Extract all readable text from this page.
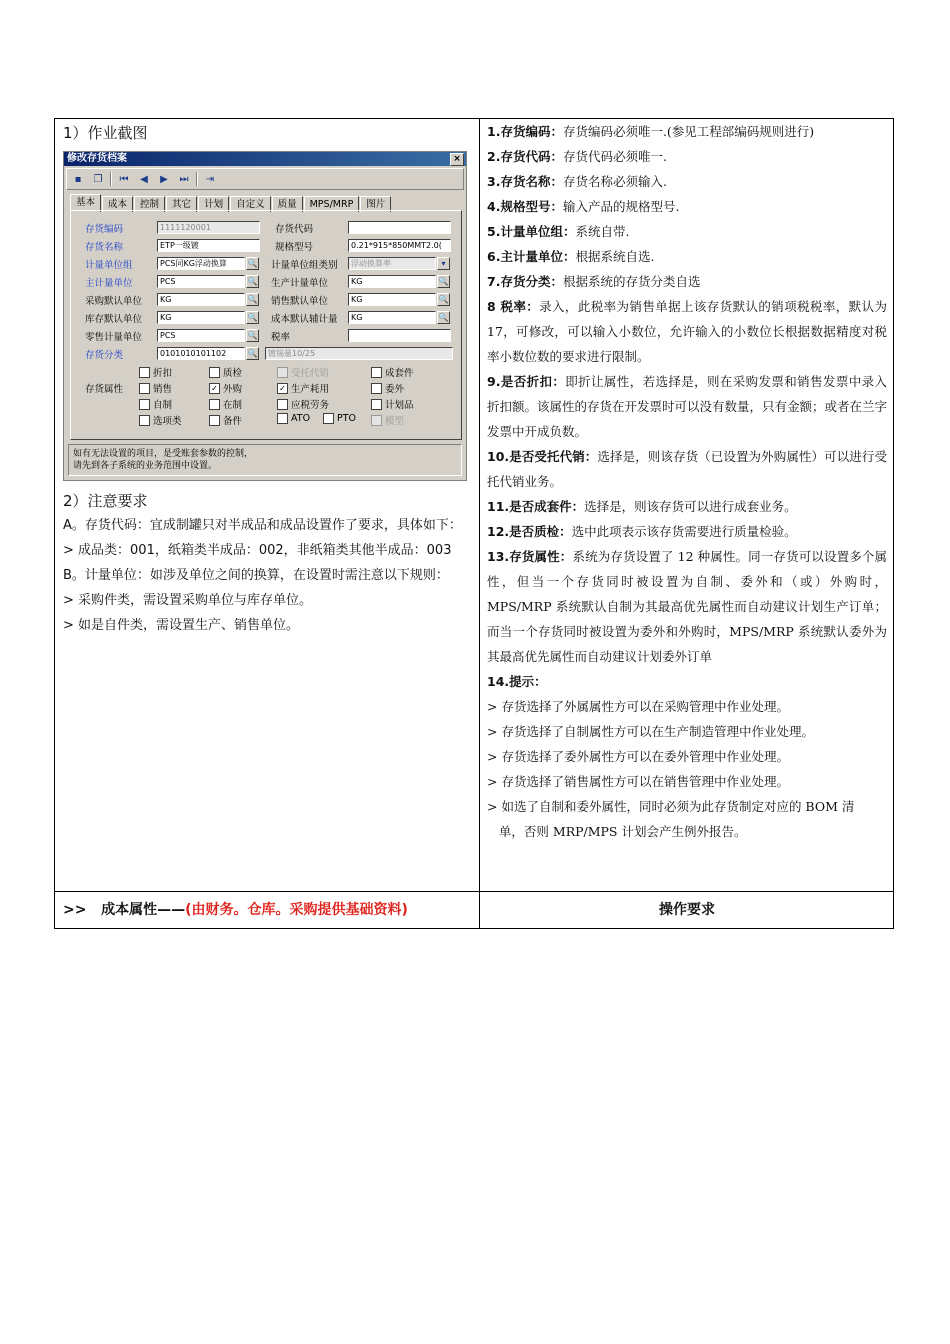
1）作业截图
修改存货档案	×
▪	❐	⏮	◀	▶	⏭	⇥
基本	成本	控制	其它	计划	自定义	质量	MPS/MRP	图片
存货编码
存货名称
计量单位组
主计量单位
采购默认单位
库存默认单位
零售计量单位
存货分类
1111120001
ETP一级镀
PCS同KG浮动换算	🔍
PCS	🔍
KG	🔍
KG	🔍
PCS	🔍
0101010101102	🔍	镀锡量10/25
存货代码
规格型号
计量单位组类别
生产计量单位
销售默认单位
成本默认辅计量
税率
0.21*915*850MMT2.0(
浮动换算率	▾
KG	🔍
KG	🔍
KG	🔍
存货属性
折扣
销售
自制
选项类
质检
✓ 外购
在制
备件
受托代销
✓ 生产耗用
应税劳务
ATO	PTO
成套件
委外
计划品
模型
如有无法设置的项目，是受账套参数的控制，
请先到各子系统的业务范围中设置。
2）注意要求
A。存货代码：宜成制罐只对半成品和成品设置作了要求，具体如下：
> 成品类：001，纸箱类半成品：002，非纸箱类其他半成品：003
B。计量单位：如涉及单位之间的换算，在设置时需注意以下规则：
> 采购件类，需设置采购单位与库存单位。
> 如是自件类，需设置生产、销售单位。
1.存货编码：存货编码必须唯一.(参见工程部编码规则进行)
2.存货代码：存货代码必须唯一.
3.存货名称：存货名称必须输入.
4.规格型号：输入产品的规格型号.
5.计量单位组：系统自带.
6.主计量单位：根据系统自选.
7.存货分类：根据系统的存货分类自选
8 税率：录入，此税率为销售单据上该存货默认的销项税税率，默认为17，可修改，可以输入小数位，允许输入的小数位长根据数据精度对税率小数位数的要求进行限制。
9.是否折扣：即折让属性，若选择是，则在采购发票和销售发票中录入折扣额。该属性的存货在开发票时可以没有数量，只有金额；或者在兰字发票中开成负数。
10.是否受托代销：选择是，则该存货（已设置为外购属性）可以进行受托代销业务。
11.是否成套件：选择是，则该存货可以进行成套业务。
12.是否质检：选中此项表示该存货需要进行质量检验。
13.存货属性：系统为存货设置了 12 种属性。同一存货可以设置多个属性，但当一个存货同时被设置为自制、委外和（或）外购时，MPS/MRP 系统默认自制为其最高优先属性而自动建议计划生产订单；而当一个存货同时被设置为委外和外购时，MPS/MRP 系统默认委外为其最高优先属性而自动建议计划委外订单
14.提示：
> 存货选择了外属属性方可以在采购管理中作业处理。
> 存货选择了自制属性方可以在生产制造管理中作业处理。
> 存货选择了委外属性方可以在委外管理中作业处理。
> 存货选择了销售属性方可以在销售管理中作业处理。
> 如选了自制和委外属性，同时必须为此存货制定对应的 BOM 清
单，否则 MRP/MPS 计划会产生例外报告。
>>   成本属性——(由财务。仓库。采购提供基础资料)	操作要求
